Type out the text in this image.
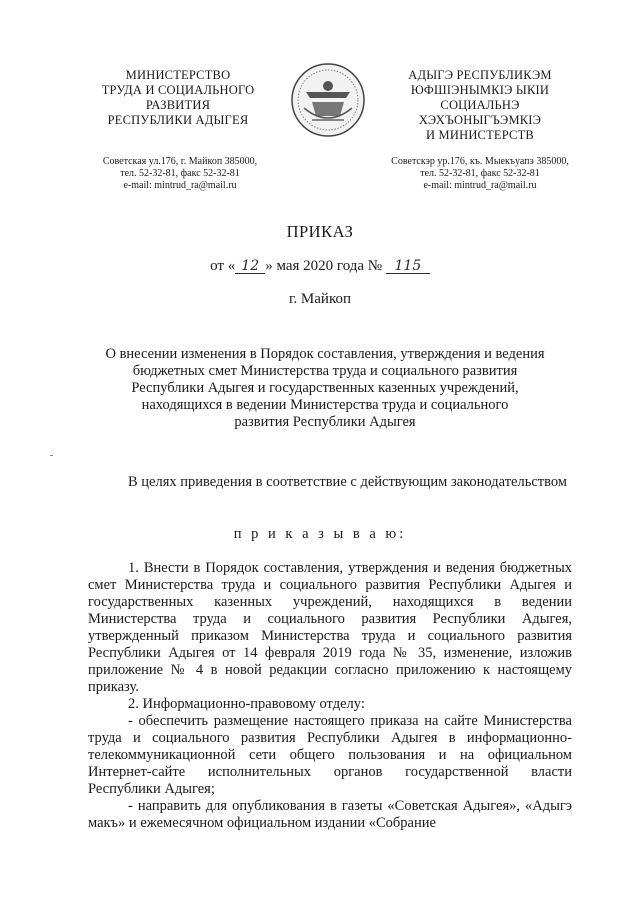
МИНИСТЕРСТВО
ТРУДА И СОЦИАЛЬНОГО
РАЗВИТИЯ
РЕСПУБЛИКИ АДЫГЕЯ
АДЫГЭ РЕСПУБЛИКЭМ
ЮФШIЭНЫМКIЭ ЫКIИ
СОЦИАЛЬНЭ
ХЭХЪОНЫГЪЭМКIЭ
И МИНИСТЕРСТВ
Советская ул.176, г. Майкоп 385000,
тел. 52-32-81, факс 52-32-81
e-mail: mintrud_ra@mail.ru
Советскэр ур.176, къ. Мыекъуапэ 385000,
тел. 52-32-81, факс 52-32-81
e-mail: mintrud_ra@mail.ru
ПРИКАЗ
от « 12 » мая 2020 года № 115
г. Майкоп
О внесении изменения в Порядок составления, утверждения и ведения
бюджетных смет Министерства труда и социального развития
Республики Адыгея и государственных казенных учреждений,
находящихся в ведении Министерства труда и социального
развития Республики Адыгея

В целях приведения в соответствие с действующим законодательством

п р и к а з ы в а ю:

1. Внести в Порядок составления, утверждения и ведения бюджетных смет Министерства труда и социального развития Республики Адыгея и государственных казенных учреждений, находящихся в ведении Министерства труда и социального развития Республики Адыгея, утвержденный приказом Министерства труда и социального развития Республики Адыгея от 14 февраля 2019 года № 35, изменение, изложив приложение № 4 в новой редакции согласно приложению к настоящему приказу.

2. Информационно-правовому отделу:

- обеспечить размещение настоящего приказа на сайте Министерства труда и социального развития Республики Адыгея в информационно-телекоммуникационной сети общего пользования и на официальном Интернет-сайте исполнительных органов государственной власти Республики Адыгея;

- направить для опубликования в газеты «Советская Адыгея», «Адыгэ макъ» и ежемесячном официальном издании «Собрание
